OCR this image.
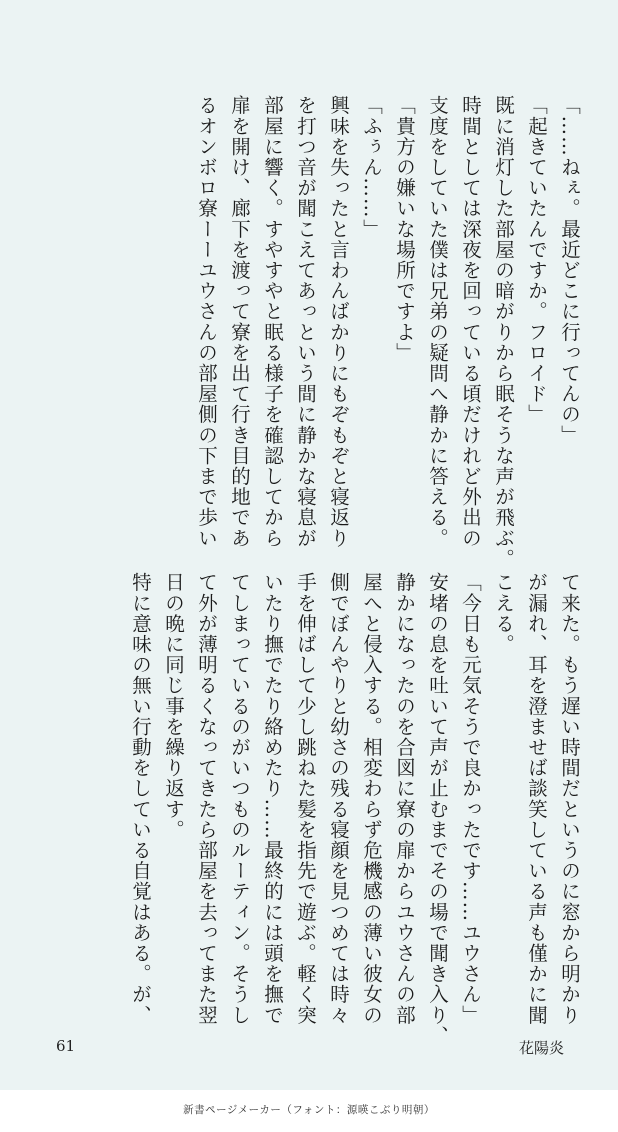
「……ねぇ。最近どこに行ってんの」
「起きていたんですか。フロイド」
既に消灯した部屋の暗がりから眠そうな声が飛ぶ。
時間としては深夜を回っている頃だけれど外出の
支度をしていた僕は兄弟の疑問へ静かに答える。
「貴方の嫌いな場所ですよ」
「ふぅん……」
興味を失ったと言わんばかりにもぞもぞと寝返り
を打つ音が聞こえてあっという間に静かな寝息が
部屋に響く。すやすやと眠る様子を確認してから
扉を開け、廊下を渡って寮を出て行き目的地であ
るオンボロ寮ーーユウさんの部屋側の下まで歩い
て来た。もう遅い時間だというのに窓から明かり
が漏れ、耳を澄ませば談笑している声も僅かに聞
こえる。
「今日も元気そうで良かったです……ユウさん」
安堵の息を吐いて声が止むまでその場で聞き入り、
静かになったのを合図に寮の扉からユウさんの部
屋へと侵入する。相変わらず危機感の薄い彼女の
側でぼんやりと幼さの残る寝顔を見つめては時々
手を伸ばして少し跳ねた髪を指先で遊ぶ。軽く突
いたり撫でたり絡めたり……最終的には頭を撫で
てしまっているのがいつものルーティン。そうし
て外が薄明るくなってきたら部屋を去ってまた翌
日の晩に同じ事を繰り返す。
特に意味の無い行動をしている自覚はある。が、
61	花陽炎
新書ページメーカー（フォント：源暎こぶり明朝）
